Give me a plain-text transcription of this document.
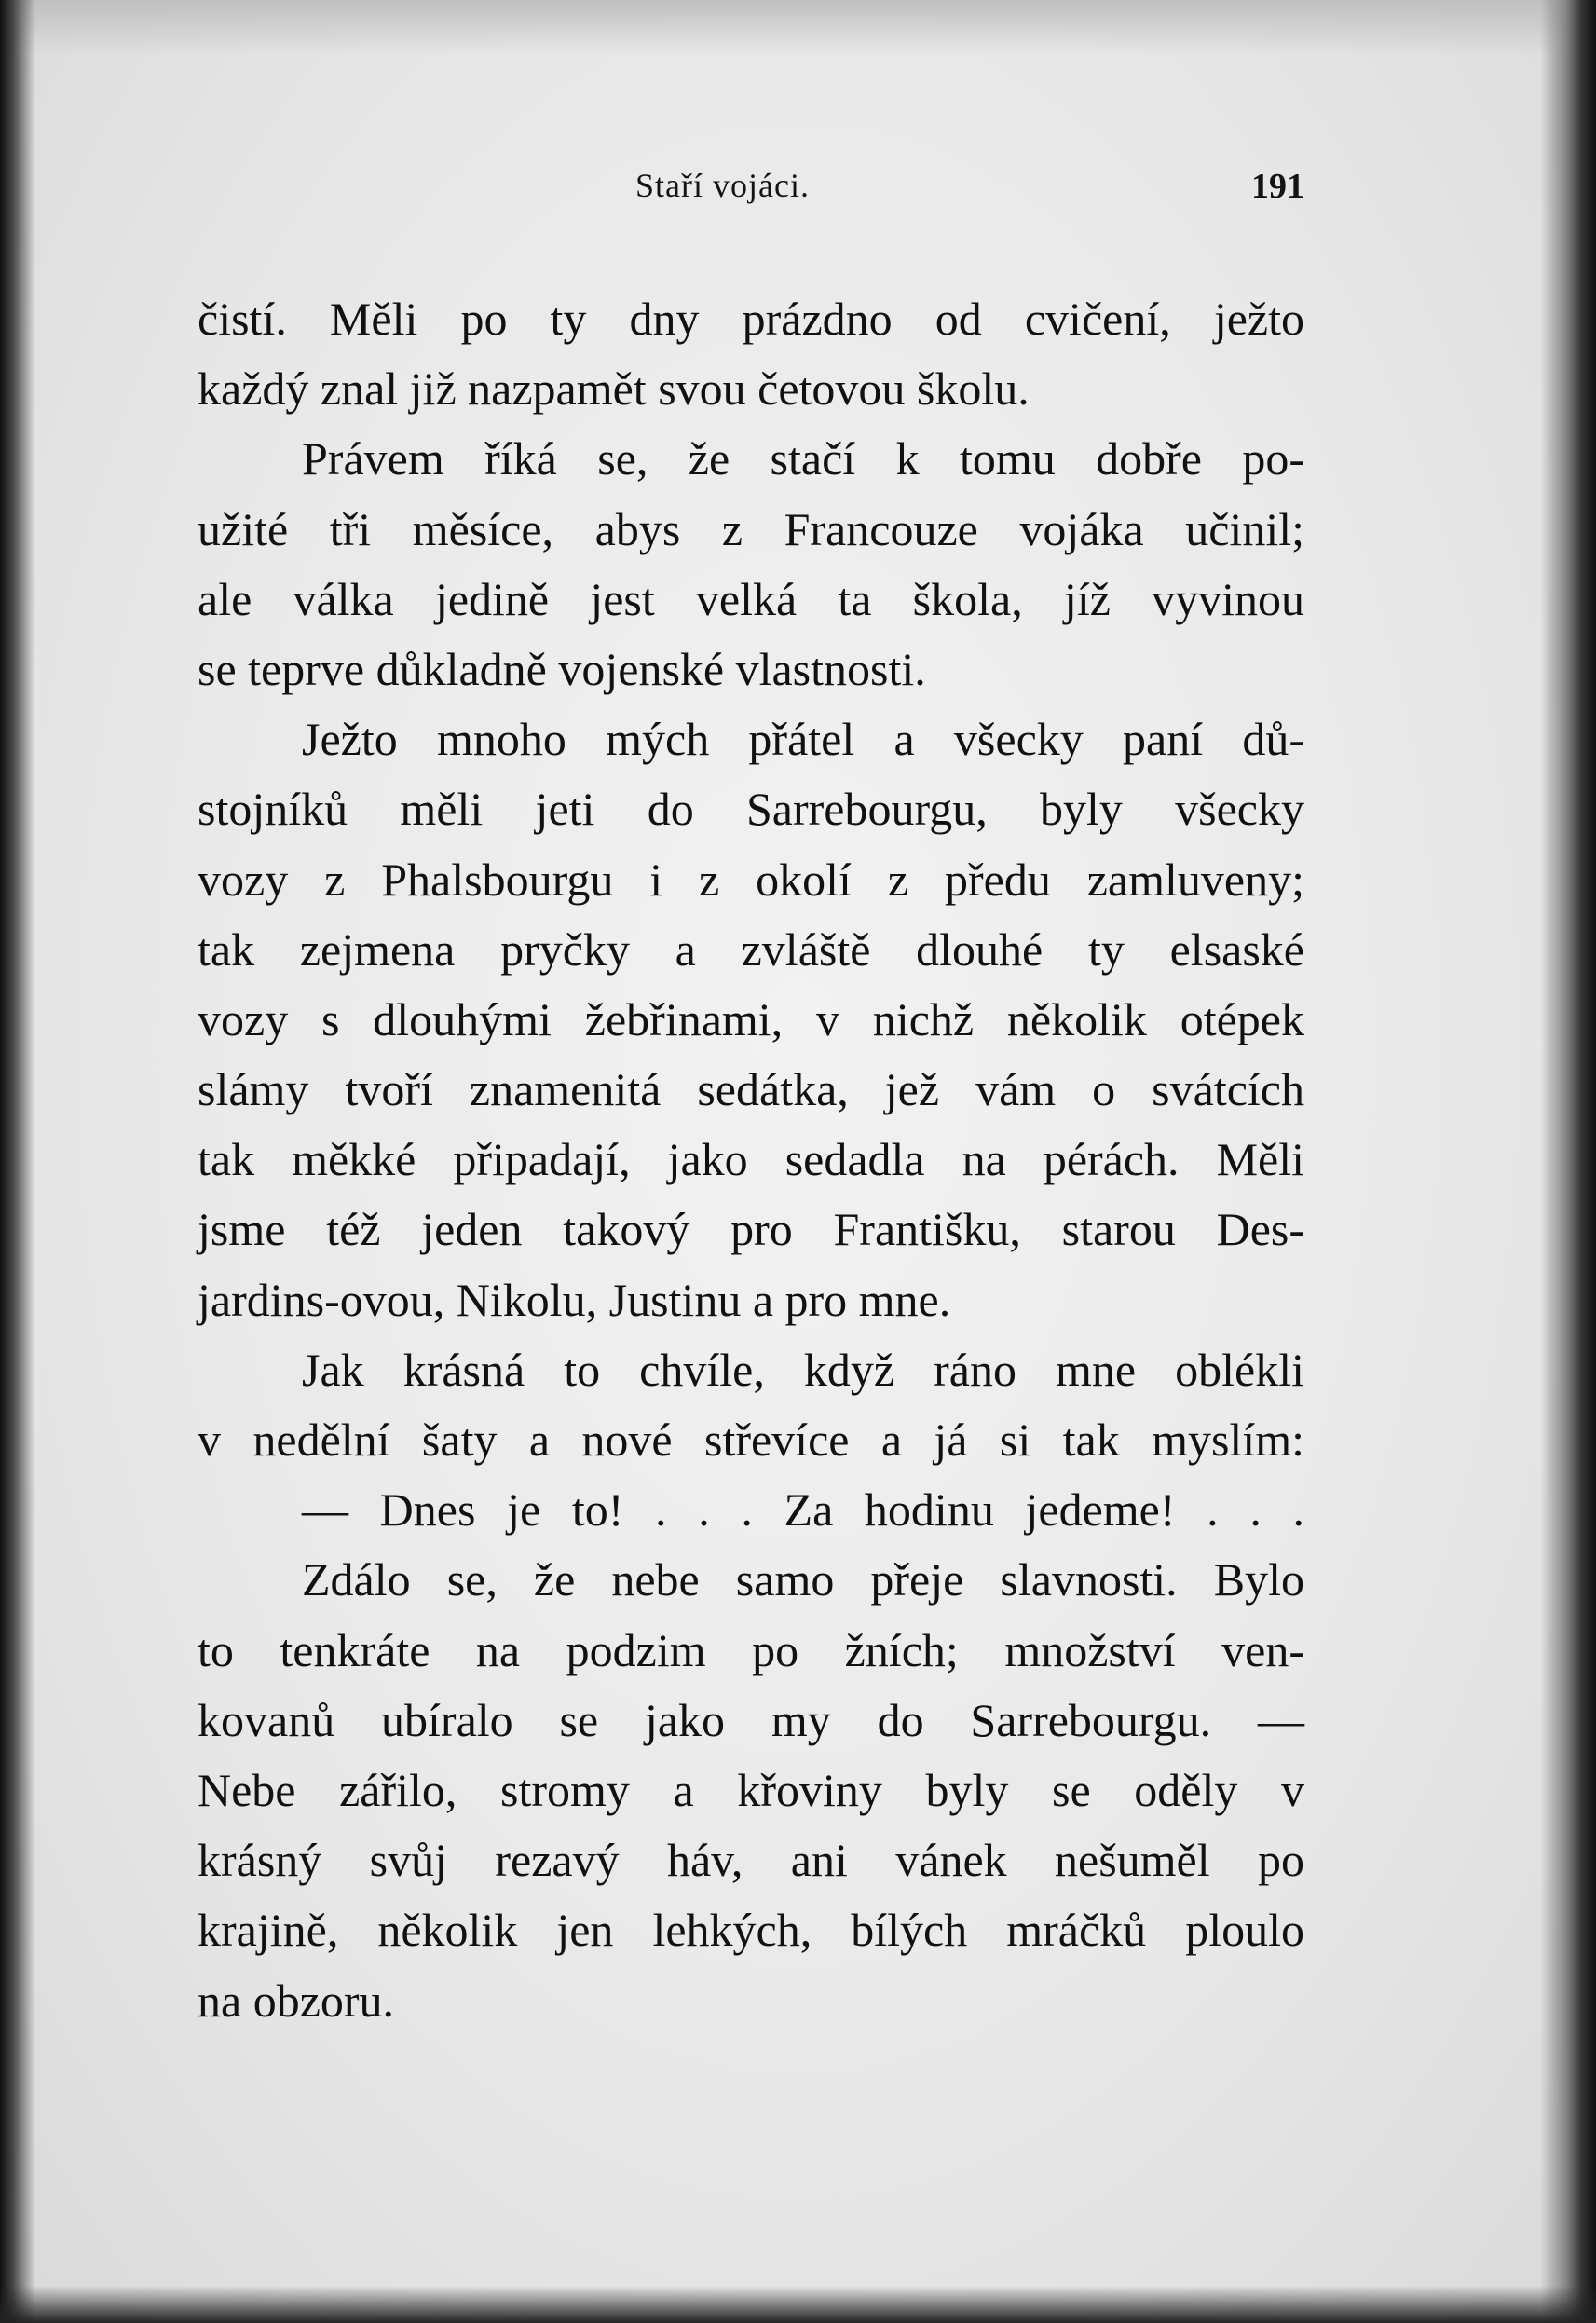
Staří vojáci.	191
čistí. Měli po ty dny prázdno od cvičení, ježto
každý znal již nazpamět svou četovou školu.
Právem říká se, že stačí k tomu dobře po-
užité tři měsíce, abys z Francouze vojáka učinil;
ale válka jedině jest velká ta škola, jíž vyvinou
se teprve důkladně vojenské vlastnosti.
Ježto mnoho mých přátel a všecky paní dů-
stojníků měli jeti do Sarrebourgu, byly všecky
vozy z Phalsbourgu i z okolí z předu zamluveny;
tak zejmena pryčky a zvláště dlouhé ty elsaské
vozy s dlouhými žebřinami, v nichž několik otépek
slámy tvoří znamenitá sedátka, jež vám o svátcích
tak měkké připadají, jako sedadla na pérách. Měli
jsme též jeden takový pro Františku, starou Des-
jardins-ovou, Nikolu, Justinu a pro mne.
Jak krásná to chvíle, když ráno mne oblékli
v nedělní šaty a nové střevíce a já si tak myslím:
— Dnes je to! . . . Za hodinu jedeme! . . .
Zdálo se, že nebe samo přeje slavnosti. Bylo
to tenkráte na podzim po žních; množství ven-
kovanů ubíralo se jako my do Sarrebourgu. —
Nebe zářilo, stromy a křoviny byly se oděly v
krásný svůj rezavý háv, ani vánek nešuměl po
krajině, několik jen lehkých, bílých mráčků ploulo
na obzoru.
